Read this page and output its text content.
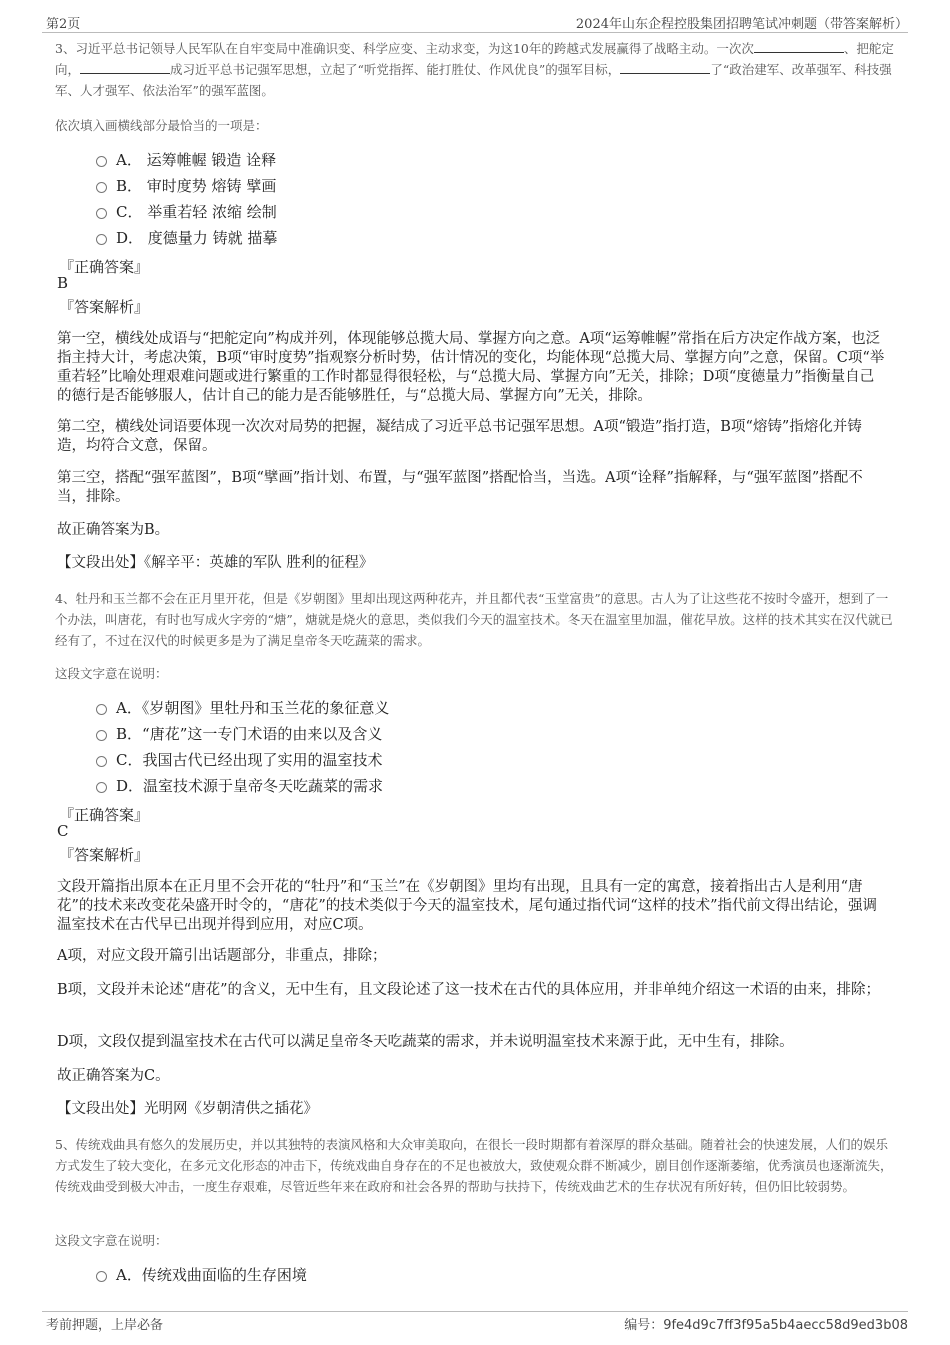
第2页	2024年山东企程控股集团招聘笔试冲刺题（带答案解析）
3、习近平总书记领导人民军队在自牢变局中准确识变、科学应变、主动求变，为这10年的跨越式发展赢得了战略主动。一次次	、把舵定向，	成习近平总书记强军思想，立起了“听党指挥、能打胜仗、作风优良”的强军目标，	了“政治建军、改革强军、科技强军、人才强军、依法治军”的强军蓝图。
依次填入画横线部分最恰当的一项是：
A． 运筹帷幄 锻造 诠释
B． 审时度势 熔铸 擘画
C． 举重若轻 浓缩 绘制
D． 度德量力 铸就 描摹
『正确答案』
B
『答案解析』
第一空，横线处成语与“把舵定向”构成并列，体现能够总揽大局、掌握方向之意。A项“运筹帷幄”常指在后方决定作战方案，也泛指主持大计，考虑决策，B项“审时度势”指观察分析时势，估计情况的变化，均能体现“总揽大局、掌握方向”之意，保留。C项“举重若轻”比喻处理艰难问题或进行繁重的工作时都显得很轻松，与“总揽大局、掌握方向”无关，排除；D项“度德量力”指衡量自己的德行是否能够服人，估计自己的能力是否能够胜任，与“总揽大局、掌握方向”无关，排除。
第二空，横线处词语要体现一次次对局势的把握，凝结成了习近平总书记强军思想。A项“锻造”指打造，B项“熔铸”指熔化并铸造，均符合文意，保留。
第三空，搭配“强军蓝图”，B项“擘画”指计划、布置，与“强军蓝图”搭配恰当，当选。A项“诠释”指解释，与“强军蓝图”搭配不当，排除。
故正确答案为B。
【文段出处】《解辛平：英雄的军队 胜利的征程》
4、牡丹和玉兰都不会在正月里开花，但是《岁朝图》里却出现这两种花卉，并且都代表“玉堂富贵”的意思。古人为了让这些花不按时令盛开，想到了一个办法，叫唐花，有时也写成火字旁的“煻”，煻就是烧火的意思，类似我们今天的温室技术。冬天在温室里加温，催花早放。这样的技术其实在汉代就已经有了，不过在汉代的时候更多是为了满足皇帝冬天吃蔬菜的需求。
这段文字意在说明：
A．《岁朝图》里牡丹和玉兰花的象征意义
B．“唐花”这一专门术语的由来以及含义
C．我国古代已经出现了实用的温室技术
D．温室技术源于皇帝冬天吃蔬菜的需求
『正确答案』
C
『答案解析』
文段开篇指出原本在正月里不会开花的“牡丹”和“玉兰”在《岁朝图》里均有出现，且具有一定的寓意，接着指出古人是利用“唐花”的技术来改变花朵盛开时令的，“唐花”的技术类似于今天的温室技术，尾句通过指代词“这样的技术”指代前文得出结论，强调温室技术在古代早已出现并得到应用，对应C项。
A项，对应文段开篇引出话题部分，非重点，排除；
B项，文段并未论述“唐花”的含义，无中生有，且文段论述了这一技术在古代的具体应用，并非单纯介绍这一术语的由来，排除；
D项，文段仅提到温室技术在古代可以满足皇帝冬天吃蔬菜的需求，并未说明温室技术来源于此，无中生有，排除。
故正确答案为C。
【文段出处】光明网《岁朝清供之插花》
5、传统戏曲具有悠久的发展历史，并以其独特的表演风格和大众审美取向，在很长一段时期都有着深厚的群众基础。随着社会的快速发展，人们的娱乐方式发生了较大变化，在多元文化形态的冲击下，传统戏曲自身存在的不足也被放大，致使观众群不断减少，剧目创作逐渐萎缩，优秀演员也逐渐流失，传统戏曲受到极大冲击，一度生存艰难，尽管近些年来在政府和社会各界的帮助与扶持下，传统戏曲艺术的生存状况有所好转，但仍旧比较弱势。
这段文字意在说明：
A．传统戏曲面临的生存困境
考前押题，上岸必备	编号：9fe4d9c7ff3f95a5b4aecc58d9ed3b08
